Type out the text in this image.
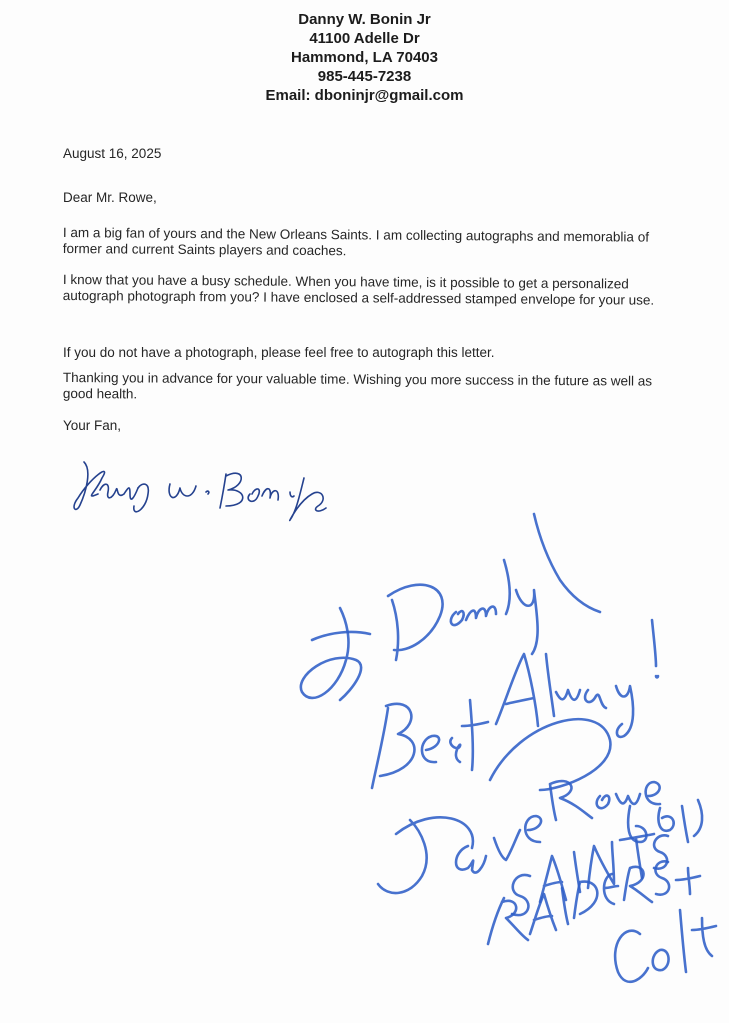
Danny W. Bonin Jr
41100 Adelle Dr
Hammond, LA 70403
985-445-7238
Email: dboninjr@gmail.com
August 16, 2025
Dear Mr. Rowe,
I am a big fan of yours and the New Orleans Saints. I am collecting autographs and memorablia of former and current Saints players and coaches.
I know that you have a busy schedule. When you have time, is it possible to get a personalized autograph photograph from you? I have enclosed a self-addressed stamped envelope for your use.
If you do not have a photograph, please feel free to autograph this letter.
Thanking you in advance for your valuable time. Wishing you more success in the future as well as good health.
Your Fan,
